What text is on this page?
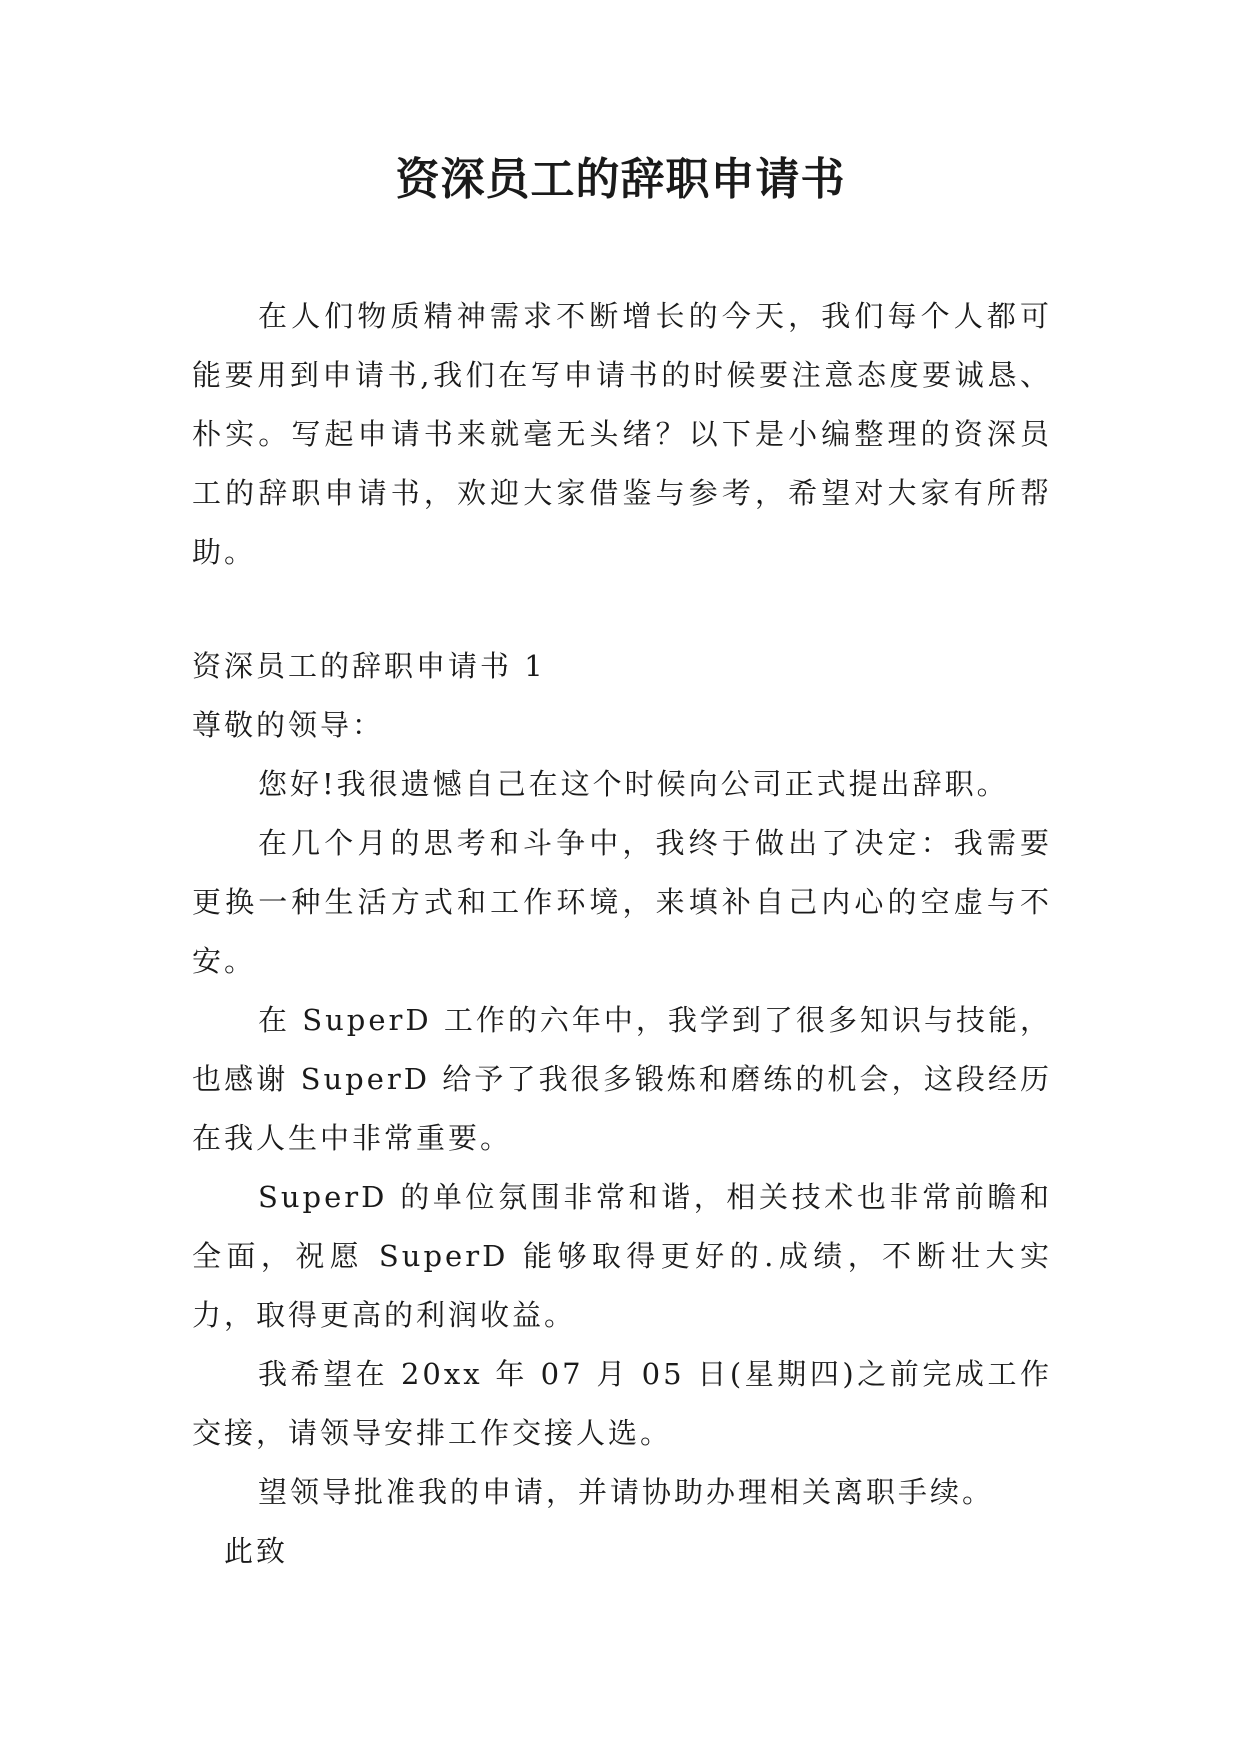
资深员工的辞职申请书

在人们物质精神需求不断增长的今天，我们每个人都可能要用到申请书,我们在写申请书的时候要注意态度要诚恳、朴实。写起申请书来就毫无头绪？以下是小编整理的资深员工的辞职申请书，欢迎大家借鉴与参考，希望对大家有所帮助。

资深员工的辞职申请书 1

尊敬的领导：

您好!我很遗憾自己在这个时候向公司正式提出辞职。

在几个月的思考和斗争中，我终于做出了决定：我需要更换一种生活方式和工作环境，来填补自己内心的空虚与不安。

在 SuperD 工作的六年中，我学到了很多知识与技能，也感谢 SuperD 给予了我很多锻炼和磨练的机会，这段经历在我人生中非常重要。

SuperD 的单位氛围非常和谐，相关技术也非常前瞻和全面，祝愿 SuperD 能够取得更好的.成绩，不断壮大实力，取得更高的利润收益。

我希望在 20xx 年 07 月 05 日(星期四)之前完成工作交接，请领导安排工作交接人选。

望领导批准我的申请，并请协助办理相关离职手续。

此致
